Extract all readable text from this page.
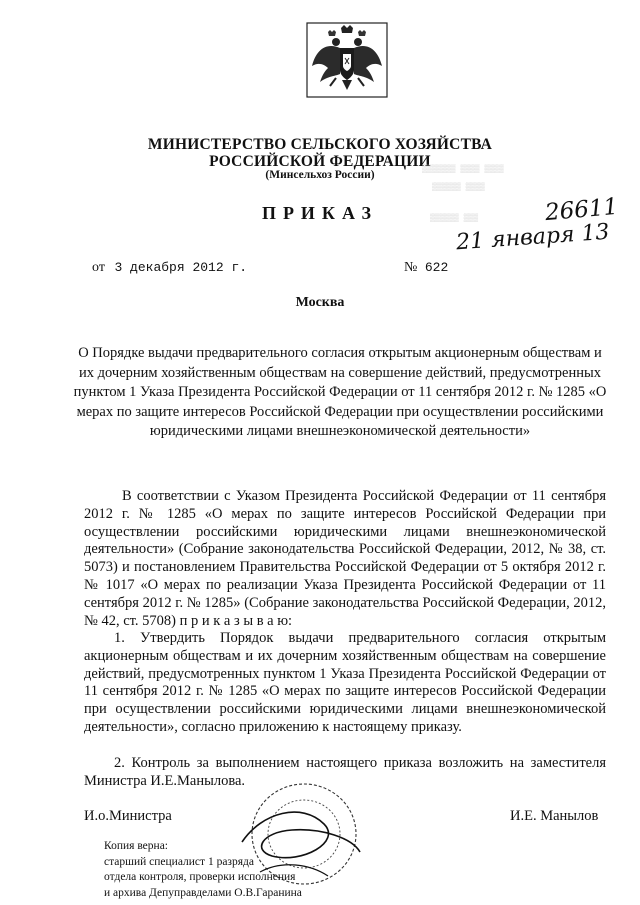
МИНИСТЕРСТВО СЕЛЬСКОГО ХОЗЯЙСТВА
РОССИЙСКОЙ ФЕДЕРАЦИИ
(Минсельхоз России)	▒▒▒▒▒▒▒ ▒▒▒▒ ▒▒▒▒
▒▒▒▒▒▒ ▒▒▒▒
▒▒▒▒▒▒ ▒▒▒
ПРИКАЗ	26611
21 января 13
от 3 декабря 2012 г.	№ 622
Москва
О Порядке выдачи предварительного согласия открытым акционерным обществам и их дочерним хозяйственным обществам на совершение действий, предусмотренных пунктом 1 Указа Президента Российской Федерации от 11 сентября 2012 г. № 1285 «О мерах по защите интересов Российской Федерации при осуществлении российскими юридическими лицами внешнеэкономической деятельности»
В соответствии с Указом Президента Российской Федерации от 11 сентября 2012 г. № 1285 «О мерах по защите интересов Российской Федерации при осуществлении российскими юридическими лицами внешнеэкономической деятельности» (Собрание законодательства Российской Федерации, 2012, № 38, ст. 5073) и постановлением Правительства Российской Федерации от 5 октября 2012 г. № 1017 «О мерах по реализации Указа Президента Российской Федерации от 11 сентября 2012 г. № 1285» (Собрание законодательства Российской Федерации, 2012, № 42, ст. 5708) п р и к а з ы в а ю:
1. Утвердить Порядок выдачи предварительного согласия открытым акционерным обществам и их дочерним хозяйственным обществам на совершение действий, предусмотренных пунктом 1 Указа Президента Российской Федерации от 11 сентября 2012 г. № 1285 «О мерах по защите интересов Российской Федерации при осуществлении российскими юридическими лицами внешнеэкономической деятельности», согласно приложению к настоящему приказу.
2. Контроль за выполнением настоящего приказа возложить на заместителя Министра И.Е.Манылова.
И.о.Министра	И.Е. Манылов
Копия верна:
старший специалист 1 разряда
отдела контроля, проверки исполнения
и архива Депуправделами О.В.Гаранина
